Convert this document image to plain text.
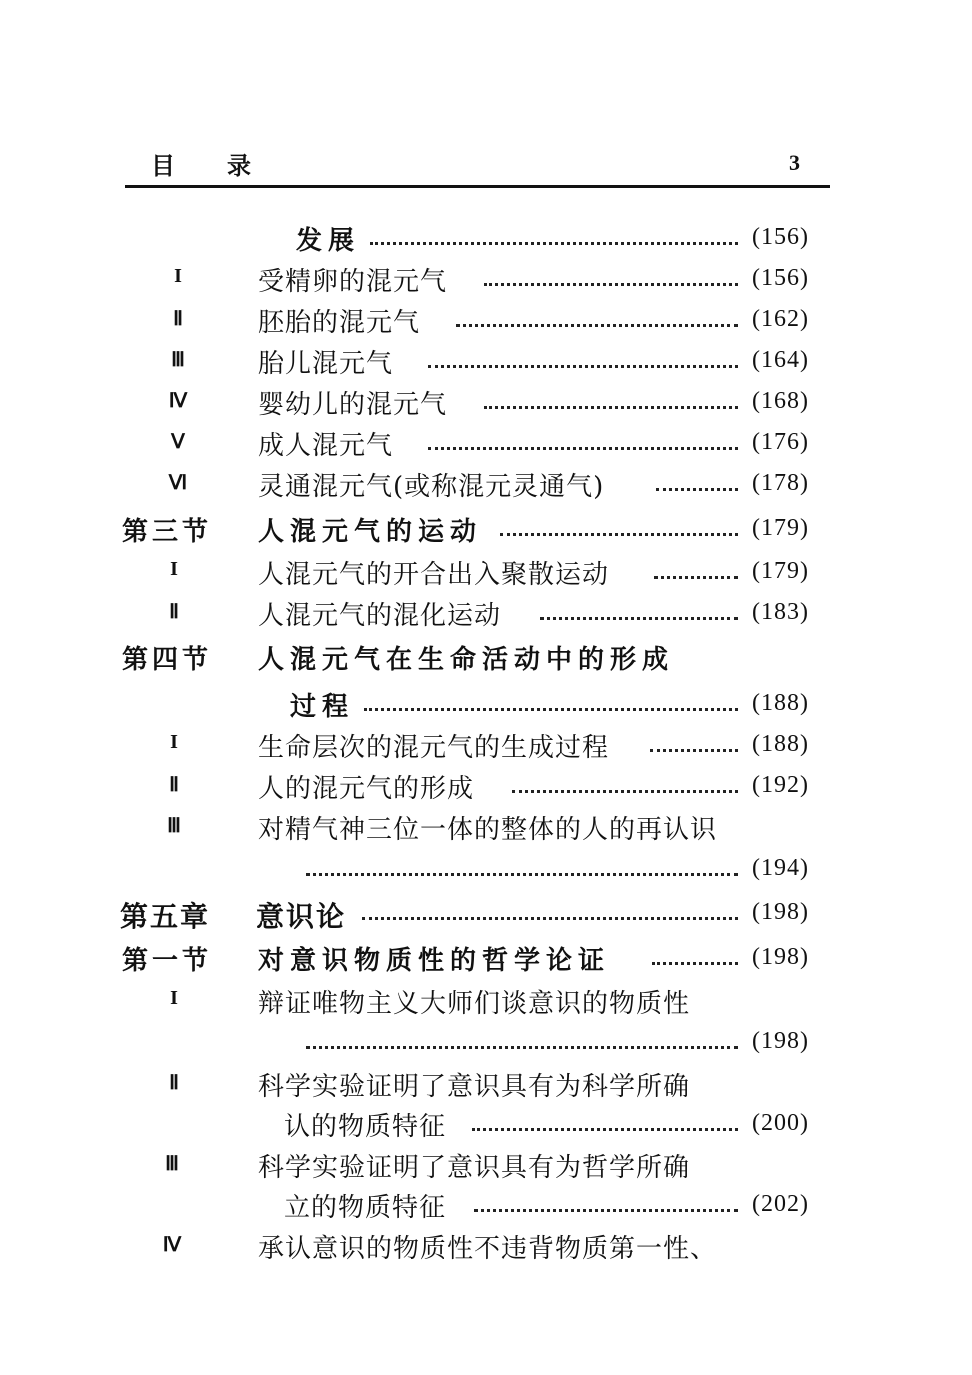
目录	3
发展	(156)
I	受精卵的混元气	(156)
Ⅱ	胚胎的混元气	(162)
Ⅲ	胎儿混元气	(164)
Ⅳ	婴幼儿的混元气	(168)
Ⅴ	成人混元气	(176)
Ⅵ	灵通混元气(或称混元灵通气)	(178)
第三节 人混元气的运动	(179)
I	人混元气的开合出入聚散运动	(179)
Ⅱ	人混元气的混化运动	(183)
第四节 人混元气在生命活动中的形成
过程	(188)
I	生命层次的混元气的生成过程	(188)
Ⅱ	人的混元气的形成	(192)
Ⅲ	对精气神三位一体的整体的人的再认识
(194)
第五章 意识论	(198)
第一节 对意识物质性的哲学论证	(198)
I	辩证唯物主义大师们谈意识的物质性
(198)
Ⅱ	科学实验证明了意识具有为科学所确
认的物质特征	(200)
Ⅲ	科学实验证明了意识具有为哲学所确
立的物质特征	(202)
Ⅳ	承认意识的物质性不违背物质第一性、
